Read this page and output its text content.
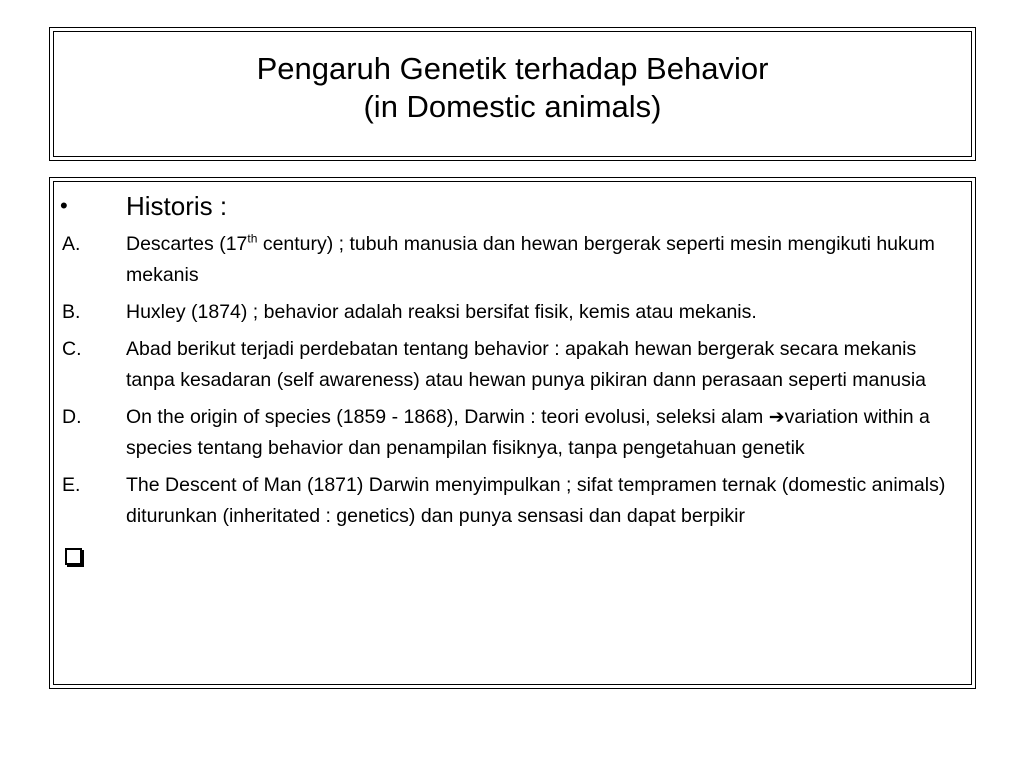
Pengaruh Genetik terhadap Behavior
(in Domestic animals)
•	Historis :
A.	Descartes (17th century) ; tubuh manusia dan hewan bergerak seperti mesin mengikuti hukum mekanis
B.	Huxley (1874) ; behavior adalah reaksi bersifat fisik, kemis atau mekanis.
C.	Abad berikut terjadi perdebatan tentang behavior : apakah hewan bergerak secara mekanis tanpa kesadaran (self awareness) atau hewan punya pikiran dann perasaan seperti manusia
D.	On the origin of species (1859 - 1868), Darwin : teori evolusi, seleksi alam ➔variation within a species tentang behavior dan penampilan fisiknya, tanpa pengetahuan genetik
E.	The Descent of Man (1871) Darwin menyimpulkan ; sifat tempramen ternak (domestic animals) diturunkan (inheritated : genetics) dan punya sensasi dan dapat berpikir
